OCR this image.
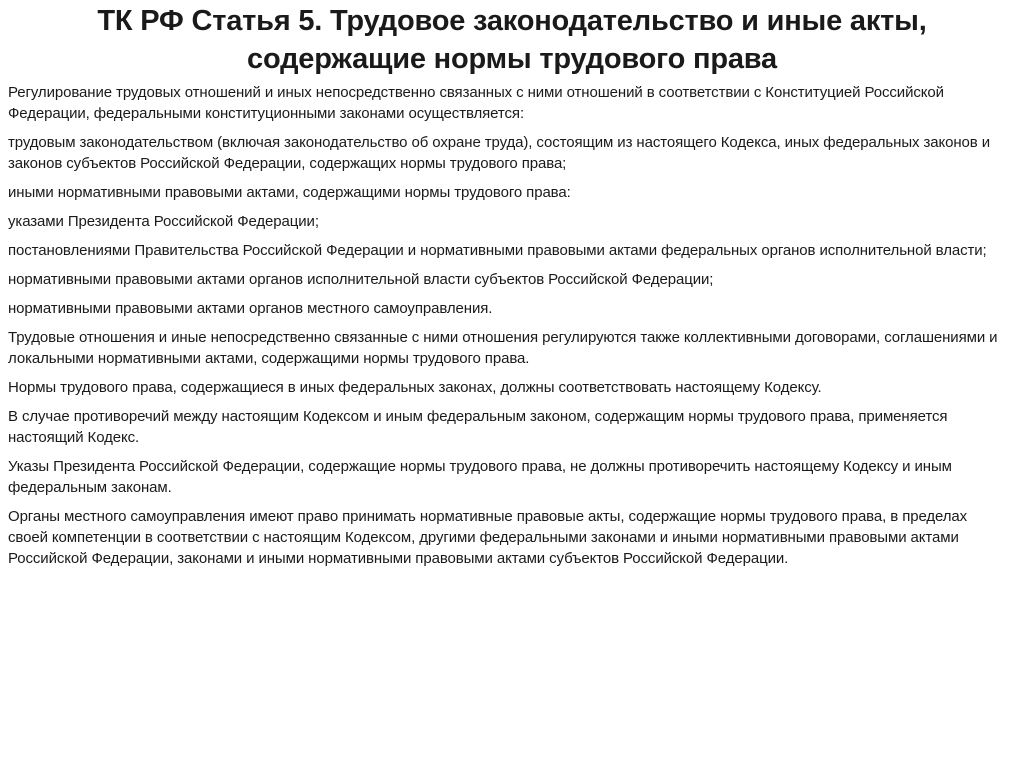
ТК РФ Статья 5. Трудовое законодательство и иные акты, содержащие нормы трудового права

Регулирование трудовых отношений и иных непосредственно связанных с ними отношений в соответствии с Конституцией Российской Федерации, федеральными конституционными законами осуществляется:

трудовым законодательством (включая законодательство об охране труда), состоящим из настоящего Кодекса, иных федеральных законов и законов субъектов Российской Федерации, содержащих нормы трудового права;

иными нормативными правовыми актами, содержащими нормы трудового права:

указами Президента Российской Федерации;

постановлениями Правительства Российской Федерации и нормативными правовыми актами федеральных органов исполнительной власти;

нормативными правовыми актами органов исполнительной власти субъектов Российской Федерации;

нормативными правовыми актами органов местного самоуправления.

Трудовые отношения и иные непосредственно связанные с ними отношения регулируются также коллективными договорами, соглашениями и локальными нормативными актами, содержащими нормы трудового права.

Нормы трудового права, содержащиеся в иных федеральных законах, должны соответствовать настоящему Кодексу.

В случае противоречий между настоящим Кодексом и иным федеральным законом, содержащим нормы трудового права, применяется настоящий Кодекс.

Указы Президента Российской Федерации, содержащие нормы трудового права, не должны противоречить настоящему Кодексу и иным федеральным законам.

Органы местного самоуправления имеют право принимать нормативные правовые акты, содержащие нормы трудового права, в пределах своей компетенции в соответствии с настоящим Кодексом, другими федеральными законами и иными нормативными правовыми актами Российской Федерации, законами и иными нормативными правовыми актами субъектов Российской Федерации.
